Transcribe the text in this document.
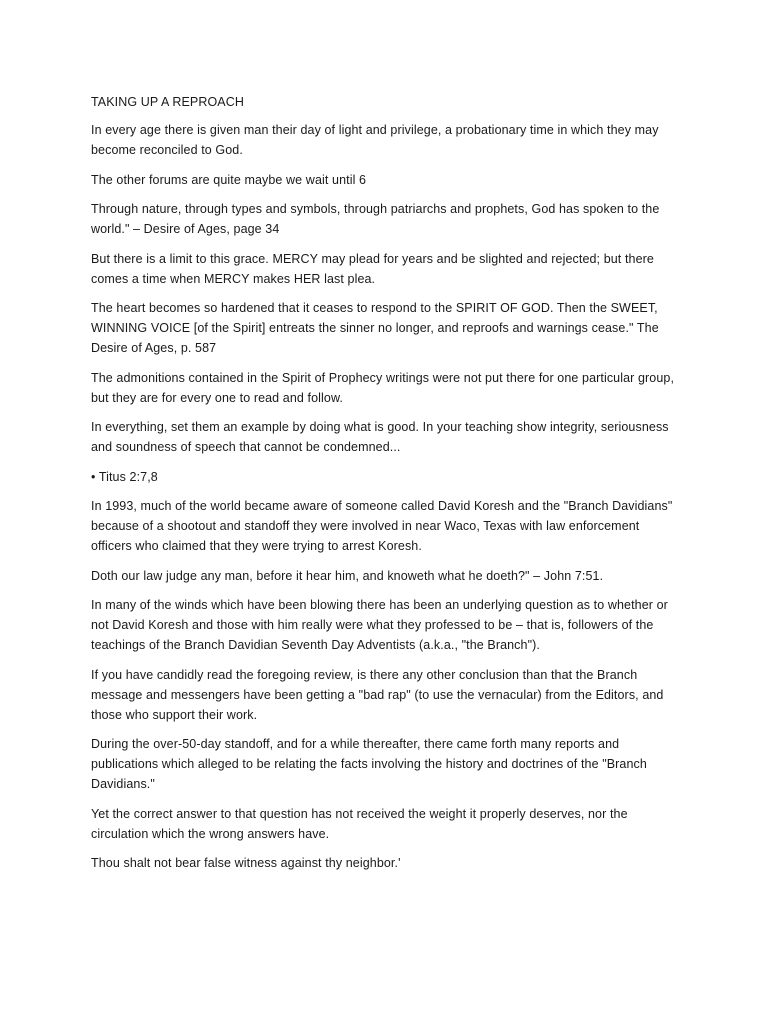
TAKING UP A REPROACH

In every age there is given man their day of light and privilege, a probationary time in which they may become reconciled to God.

The other forums are quite maybe we wait until 6

Through nature, through types and symbols, through patriarchs and prophets, God has spoken to the world." – Desire of Ages, page 34

But there is a limit to this grace. MERCY may plead for years and be slighted and rejected; but there comes a time when MERCY makes HER last plea.

The heart becomes so hardened that it ceases to respond to the SPIRIT OF GOD. Then the SWEET, WINNING VOICE [of the Spirit] entreats the sinner no longer, and reproofs and warnings cease." The Desire of Ages, p. 587

The admonitions contained in the Spirit of Prophecy writings were not put there for one particular group, but they are for every one to read and follow.

In everything, set them an example by doing what is good. In your teaching show integrity, seriousness and soundness of speech that cannot be condemned...

• Titus 2:7,8

In 1993, much of the world became aware of someone called David Koresh and the "Branch Davidians" because of a shootout and standoff they were involved in near Waco, Texas with law enforcement officers who claimed that they were trying to arrest Koresh.

Doth our law judge any man, before it hear him, and knoweth what he doeth?" – John 7:51.

In many of the winds which have been blowing there has been an underlying question as to whether or not David Koresh and those with him really were what they professed to be – that is, followers of the teachings of the Branch Davidian Seventh Day Adventists (a.k.a., "the Branch").

If you have candidly read the foregoing review, is there any other conclusion than that the Branch message and messengers have been getting a "bad rap" (to use the vernacular) from the Editors, and those who support their work.

During the over-50-day standoff, and for a while thereafter, there came forth many reports and publications which alleged to be relating the facts involving the history and doctrines of the "Branch Davidians."

Yet the correct answer to that question has not received the weight it properly deserves, nor the circulation which the wrong answers have.

Thou shalt not bear false witness against thy neighbor.'
